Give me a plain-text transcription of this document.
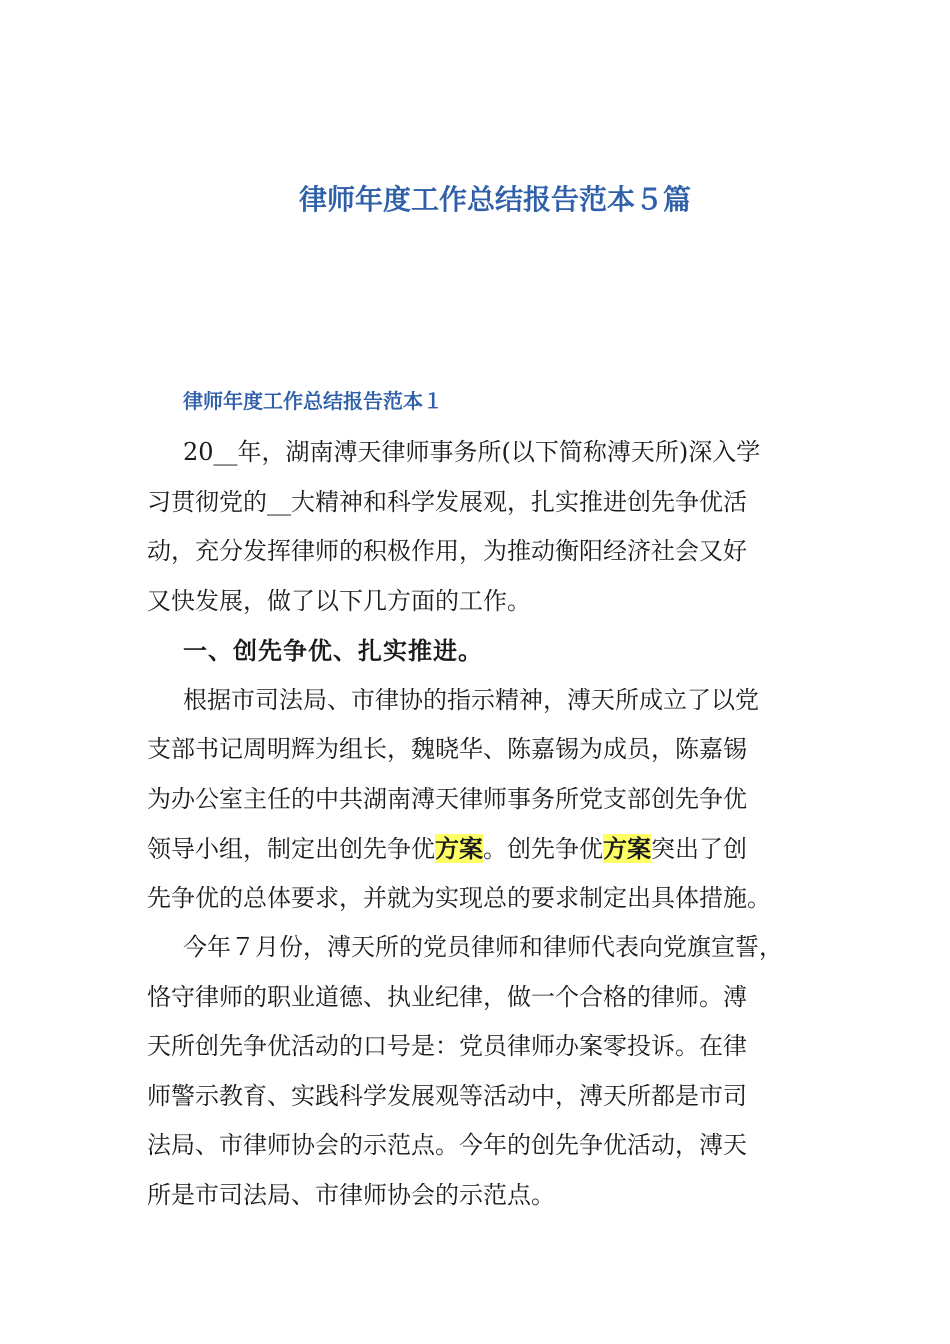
律师年度工作总结报告范本５篇
律师年度工作总结报告范本１
20__年，湖南溥天律师事务所(以下简称溥天所)深入学
习贯彻党的__大精神和科学发展观，扎实推进创先争优活
动，充分发挥律师的积极作用，为推动衡阳经济社会又好
又快发展，做了以下几方面的工作。
一、创先争优、扎实推进。
根据市司法局、市律协的指示精神，溥天所成立了以党
支部书记周明辉为组长，魏晓华、陈嘉锡为成员，陈嘉锡
为办公室主任的中共湖南溥天律师事务所党支部创先争优
领导小组，制定出创先争优方案。创先争优方案突出了创
先争优的总体要求，并就为实现总的要求制定出具体措施。
今年７月份，溥天所的党员律师和律师代表向党旗宣誓，
恪守律师的职业道德、执业纪律，做一个合格的律师。溥
天所创先争优活动的口号是：党员律师办案零投诉。在律
师警示教育、实践科学发展观等活动中，溥天所都是市司
法局、市律师协会的示范点。今年的创先争优活动，溥天
所是市司法局、市律师协会的示范点。
